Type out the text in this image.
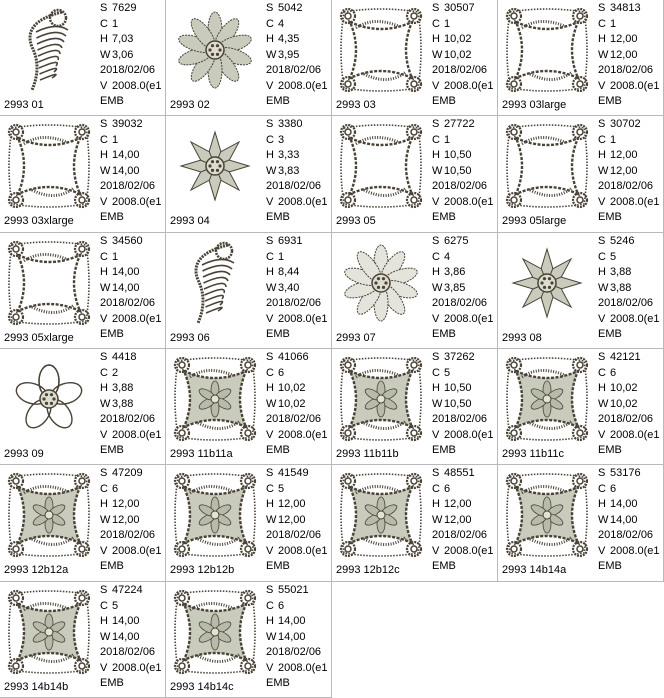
2993 01
S 7629
C 1
H 7,03
W 3,06
2018/02/06
V 2008.0(e1
EMB	2993 02
S 5042
C 4
H 4,35
W 3,95
2018/02/06
V 2008.0(e1
EMB	2993 03
S 30507
C 1
H 10,02
W 10,02
2018/02/06
V 2008.0(e1
EMB	2993 03large
S 34813
C 1
H 12,00
W 12,00
2018/02/06
V 2008.0(e1
EMB
2993 03xlarge
S 39032
C 1
H 14,00
W 14,00
2018/02/06
V 2008.0(e1
EMB	2993 04
S 3380
C 3
H 3,33
W 3,83
2018/02/06
V 2008.0(e1
EMB	2993 05
S 27722
C 1
H 10,50
W 10,50
2018/02/06
V 2008.0(e1
EMB	2993 05large
S 30702
C 1
H 12,00
W 12,00
2018/02/06
V 2008.0(e1
EMB
2993 05xlarge
S 34560
C 1
H 14,00
W 14,00
2018/02/06
V 2008.0(e1
EMB	2993 06
S 6931
C 1
H 8,44
W 3,40
2018/02/06
V 2008.0(e1
EMB	2993 07
S 6275
C 4
H 3,86
W 3,85
2018/02/06
V 2008.0(e1
EMB	2993 08
S 5246
C 5
H 3,88
W 3,88
2018/02/06
V 2008.0(e1
EMB
2993 09
S 4418
C 2
H 3,88
W 3,88
2018/02/06
V 2008.0(e1
EMB	2993 11b11a
S 41066
C 6
H 10,02
W 10,02
2018/02/06
V 2008.0(e1
EMB	2993 11b11b
S 37262
C 5
H 10,50
W 10,50
2018/02/06
V 2008.0(e1
EMB	2993 11b11c
S 42121
C 6
H 10,02
W 10,02
2018/02/06
V 2008.0(e1
EMB
2993 12b12a
S 47209
C 6
H 12,00
W 12,00
2018/02/06
V 2008.0(e1
EMB	2993 12b12b
S 41549
C 5
H 12,00
W 12,00
2018/02/06
V 2008.0(e1
EMB	2993 12b12c
S 48551
C 6
H 12,00
W 12,00
2018/02/06
V 2008.0(e1
EMB	2993 14b14a
S 53176
C 6
H 14,00
W 14,00
2018/02/06
V 2008.0(e1
EMB
2993 14b14b
S 47224
C 5
H 14,00
W 14,00
2018/02/06
V 2008.0(e1
EMB	2993 14b14c
S 55021
C 6
H 14,00
W 14,00
2018/02/06
V 2008.0(e1
EMB
